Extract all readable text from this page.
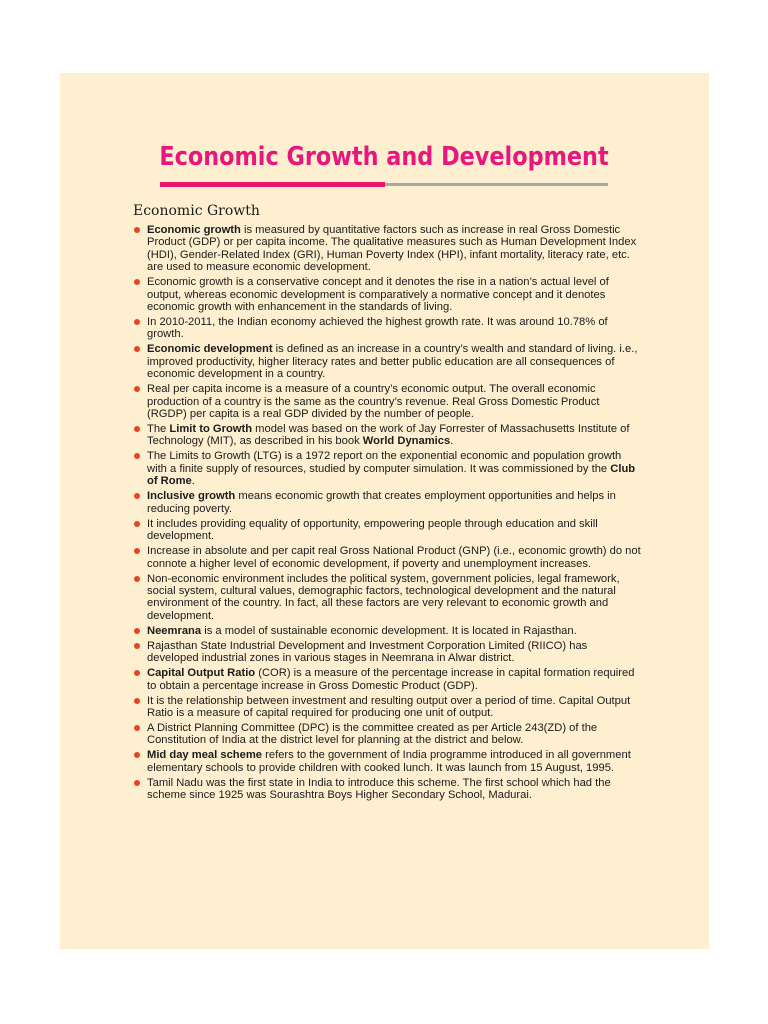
Economic Growth and Development
Economic Growth
Economic growth is measured by quantitative factors such as increase in real Gross Domestic Product (GDP) or per capita income. The qualitative measures such as Human Development Index (HDI), Gender-Related Index (GRI), Human Poverty Index (HPI), infant mortality, literacy rate, etc. are used to measure economic development.
Economic growth is a conservative concept and it denotes the rise in a nation’s actual level of output, whereas economic development is comparatively a normative concept and it denotes economic growth with enhancement in the standards of living.
In 2010-2011, the Indian economy achieved the highest growth rate. It was around 10.78% of growth.
Economic development is defined as an increase in a country’s wealth and standard of living. i.e., improved productivity, higher literacy rates and better public education are all consequences of economic development in a country.
Real per capita income is a measure of a country’s economic output. The overall economic production of a country is the same as the country’s revenue. Real Gross Domestic Product (RGDP) per capita is a real GDP divided by the number of people.
The Limit to Growth model was based on the work of Jay Forrester of Massachusetts Institute of Technology (MIT), as described in his book World Dynamics.
The Limits to Growth (LTG) is a 1972 report on the exponential economic and population growth with a finite supply of resources, studied by computer simulation. It was commissioned by the Club of Rome.
Inclusive growth means economic growth that creates employment opportunities and helps in reducing poverty.
It includes providing equality of opportunity, empowering people through education and skill development.
Increase in absolute and per capit real Gross National Product (GNP) (i.e., economic growth) do not connote a higher level of economic development, if poverty and unemployment increases.
Non-economic environment includes the political system, government policies, legal framework, social system, cultural values, demographic factors, technological development and the natural environment of the country. In fact, all these factors are very relevant to economic growth and development.
Neemrana is a model of sustainable economic development. It is located in Rajasthan.
Rajasthan State Industrial Development and Investment Corporation Limited (RIICO) has developed industrial zones in various stages in Neemrana in Alwar district.
Capital Output Ratio (COR) is a measure of the percentage increase in capital formation required to obtain a percentage increase in Gross Domestic Product (GDP).
It is the relationship between investment and resulting output over a period of time. Capital Output Ratio is a measure of capital required for producing one unit of output.
A District Planning Committee (DPC) is the committee created as per Article 243(ZD) of the Constitution of India at the district level for planning at the district and below.
Mid day meal scheme refers to the government of India programme introduced in all government elementary schools to provide children with cooked lunch. It was launch from 15 August, 1995.
Tamil Nadu was the first state in India to introduce this scheme. The first school which had the scheme since 1925 was Sourashtra Boys Higher Secondary School, Madurai.
